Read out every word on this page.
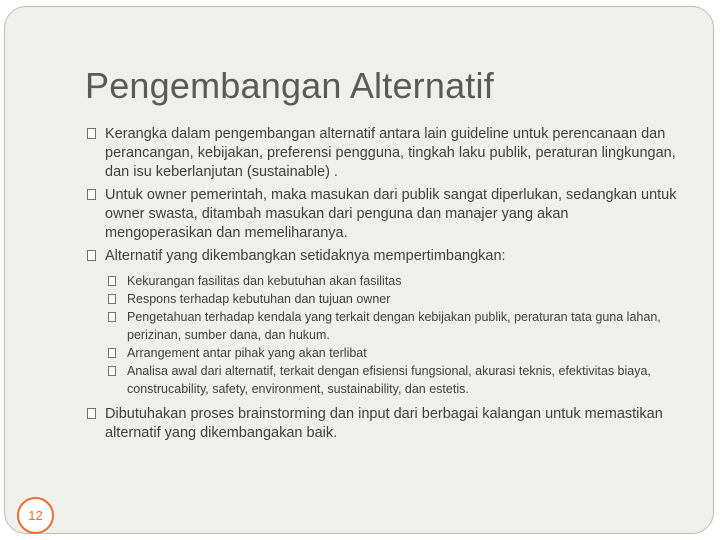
Pengembangan Alternatif
Kerangka dalam pengembangan alternatif antara lain guideline untuk perencanaan dan perancangan, kebijakan, preferensi pengguna, tingkah laku publik, peraturan lingkungan, dan isu keberlanjutan (sustainable) .
Untuk owner pemerintah, maka masukan dari publik sangat diperlukan, sedangkan untuk owner swasta, ditambah masukan dari penguna dan manajer yang akan mengoperasikan dan memeliharanya.
Alternatif yang dikembangkan setidaknya mempertimbangkan:
Kekurangan fasilitas dan kebutuhan akan fasilitas
Respons terhadap kebutuhan dan tujuan owner
Pengetahuan terhadap kendala yang terkait dengan kebijakan publik, peraturan tata guna lahan, perizinan, sumber dana, dan hukum.
Arrangement antar pihak yang akan terlibat
Analisa awal dari alternatif, terkait dengan efisiensi fungsional, akurasi teknis, efektivitas biaya, construcability, safety, environment, sustainability, dan estetis.
Dibutuhakan proses brainstorming dan input dari berbagai kalangan untuk memastikan alternatif yang dikembangakan baik.
12
